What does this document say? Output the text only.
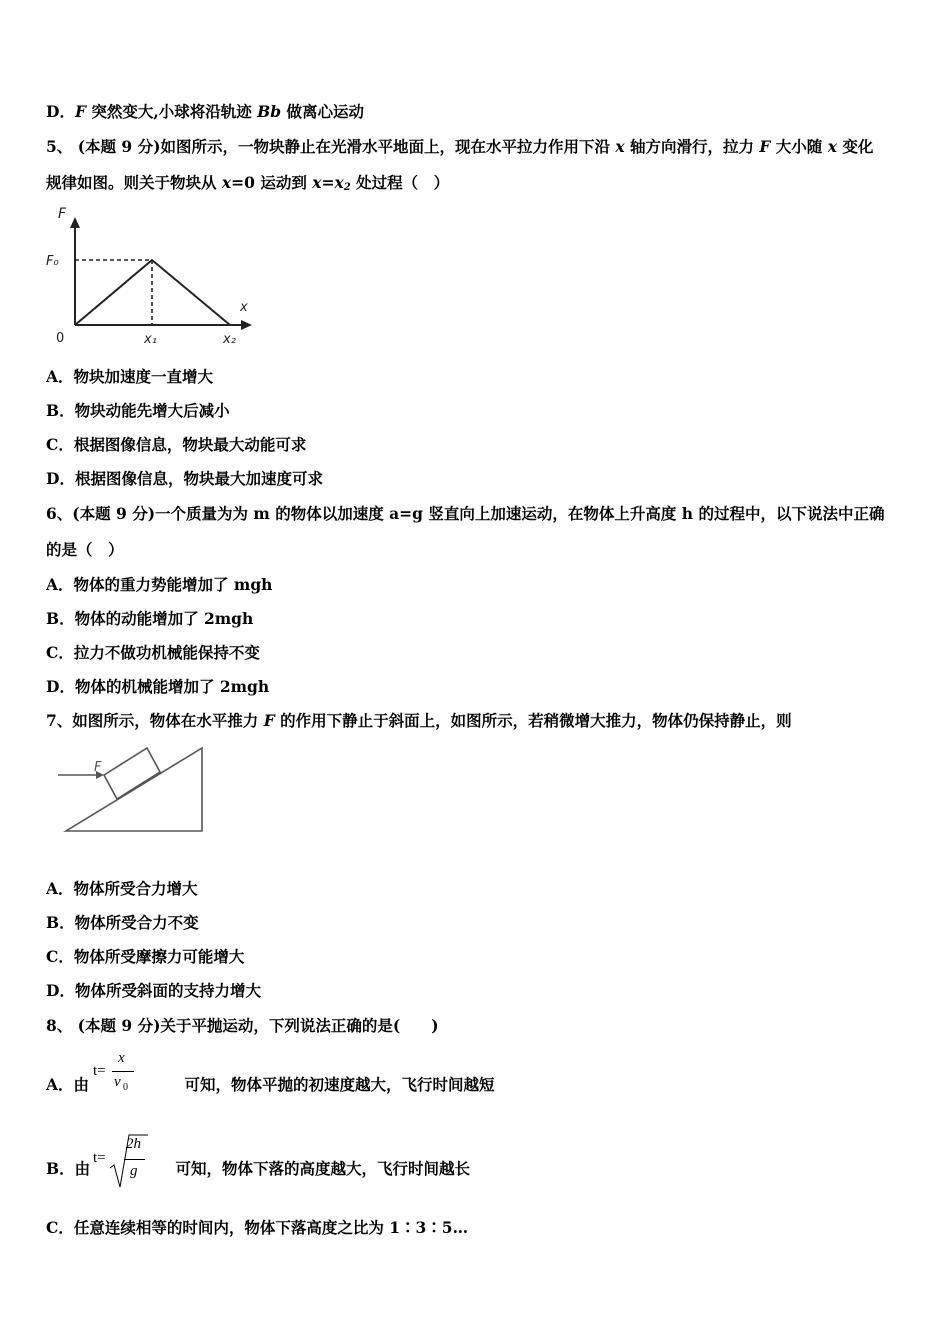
D．F 突然变大,小球将沿轨迹 Bb 做离心运动
5、 (本题 9 分)如图所示，一物块静止在光滑水平地面上，现在水平拉力作用下沿 x 轴方向滑行，拉力 F 大小随 x 变化
规律如图。则关于物块从 x=0 运动到 $x=x_2$ 处过程（　）
F
F₀
x
0	x₁	x₂
A．物块加速度一直增大
B．物块动能先增大后减小
C．根据图像信息，物块最大动能可求
D．根据图像信息，物块最大加速度可求
6、(本题 9 分)一个质量为为 m 的物体以加速度 a=g 竖直向上加速运动，在物体上升高度 h 的过程中，以下说法中正确
的是（　）
A．物体的重力势能增加了 mgh
B．物体的动能增加了 2mgh
C．拉力不做功机械能保持不变
D．物体的机械能增加了 2mgh
7、如图所示，物体在水平推力 F 的作用下静止于斜面上，如图所示，若稍微增大推力，物体仍保持静止，则
F
A．物体所受合力增大
B．物体所受合力不变
C．物体所受摩擦力可能增大
D．物体所受斜面的支持力增大
8、 (本题 9 分)关于平抛运动，下列说法正确的是(　　)
A．由	可知，物体平抛的初速度越大，飞行时间越短
t=
x
v 0
B．由	可知，物体下落的高度越大，飞行时间越长
t=
2h
g
C．任意连续相等的时间内，物体下落高度之比为 1∶3∶5…
